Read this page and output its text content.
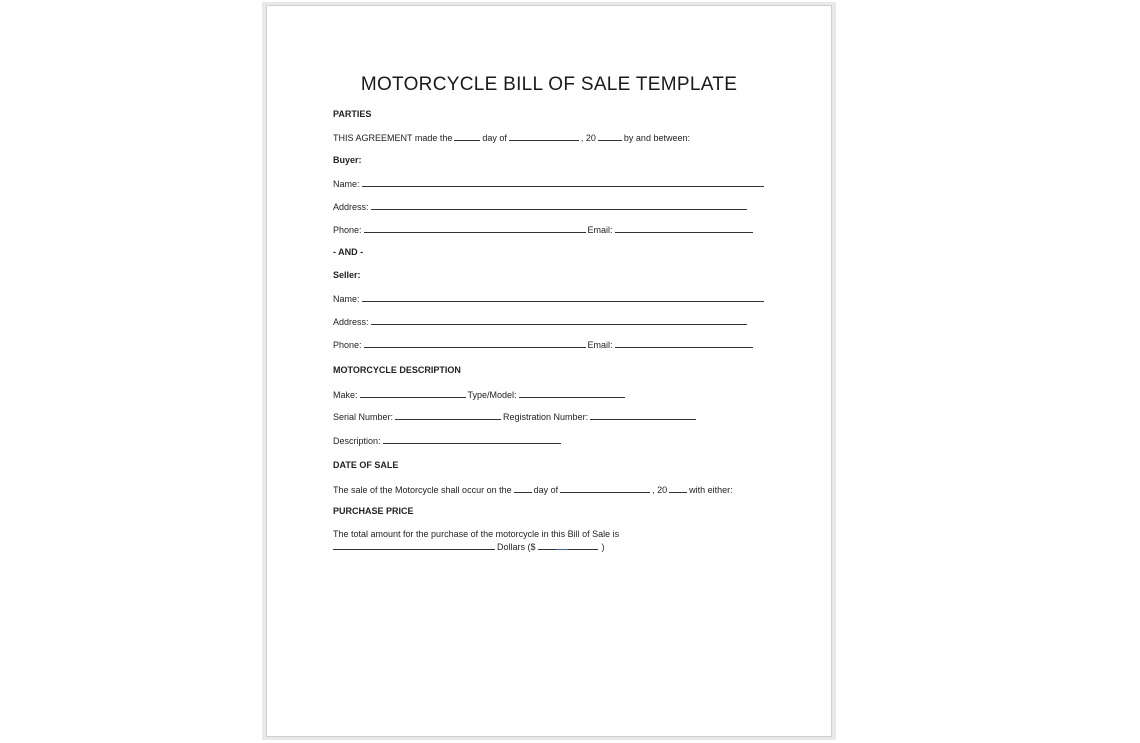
MOTORCYCLE BILL OF SALE TEMPLATE
PARTIES
THIS AGREEMENT made the	day of	, 20	by and between:
Buyer:
Name:
Address:
Phone:	Email:
- AND -
Seller:
Name:
Address:
Phone:	Email:
MOTORCYCLE DESCRIPTION
Make:	Type/Model:
Serial Number:	Registration Number:
Description:
DATE OF SALE
The sale of the Motorcycle shall occur on the day of	, 20 with either:
PURCHASE PRICE
The total amount for the purchase of the motorcycle in this Bill of Sale is
Dollars ($	)
